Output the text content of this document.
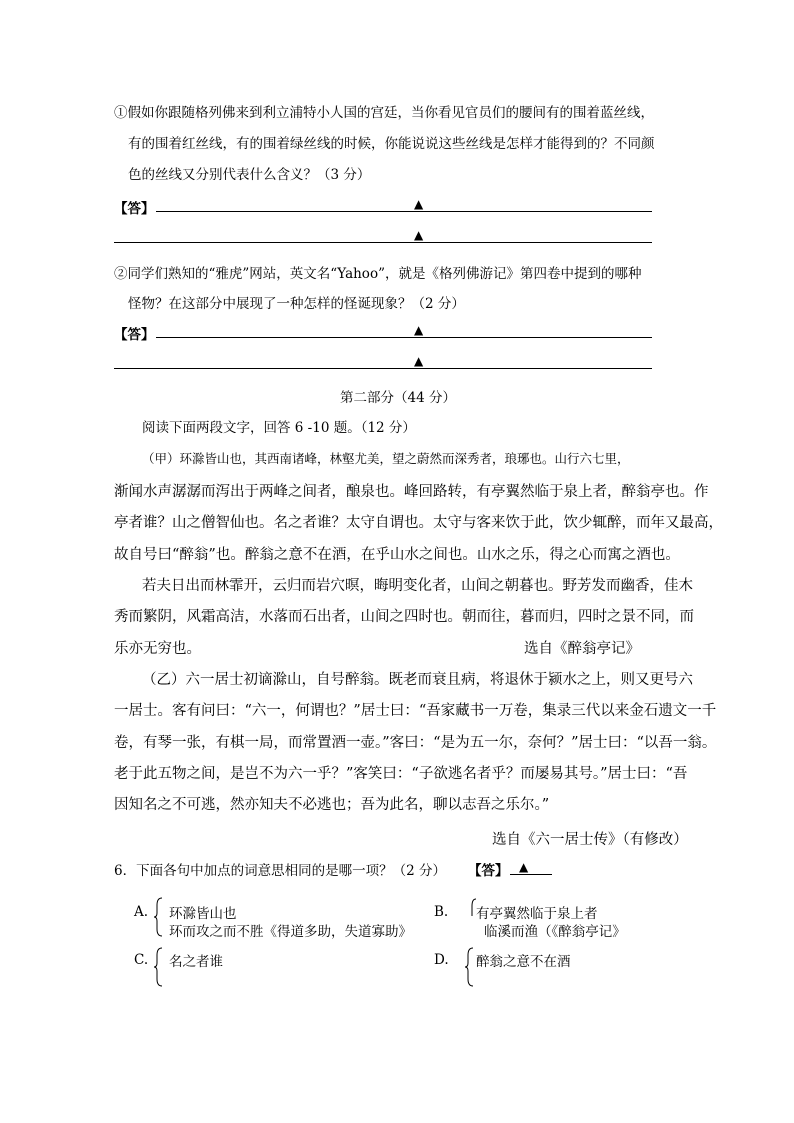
①假如你跟随格列佛来到利立浦特小人国的宫廷，当你看见官员们的腰间有的围着蓝丝线，
有的围着红丝线，有的围着绿丝线的时候，你能说说这些丝线是怎样才能得到的？不同颜
色的丝线又分别代表什么含义？（3 分）
【答】	▲
▲
②同学们熟知的“雅虎”网站，英文名“Yahoo”，就是《格列佛游记》第四卷中提到的哪种
怪物？在这部分中展现了一种怎样的怪诞现象？（2 分）
【答】	▲
▲
第二部分（44 分）
阅读下面两段文字，回答 6 -10 题。（12 分）
（甲）环滁皆山也，其西南诸峰，林壑尤美，望之蔚然而深秀者，琅琊也。山行六七里，
渐闻水声潺潺而泻出于两峰之间者，酿泉也。峰回路转，有亭翼然临于泉上者，醉翁亭也。作
亭者谁？山之僧智仙也。名之者谁？太守自谓也。太守与客来饮于此，饮少辄醉，而年又最高，
故自号曰“醉翁”也。醉翁之意不在酒，在乎山水之间也。山水之乐，得之心而寓之酒也。
若夫日出而林霏开，云归而岩穴暝，晦明变化者，山间之朝暮也。野芳发而幽香，佳木
秀而繁阴，风霜高洁，水落而石出者，山间之四时也。朝而往，暮而归，四时之景不同，而
乐亦无穷也。	选自《醉翁亭记》
（乙）六一居士初谪滁山，自号醉翁。既老而衰且病，将退休于颍水之上，则又更号六
一居士。客有问曰：“六一，何谓也？”居士曰：“吾家藏书一万卷，集录三代以来金石遗文一千
卷，有琴一张，有棋一局，而常置酒一壶。”客曰：“是为五一尔，奈何？”居士曰：“以吾一翁。
老于此五物之间，是岂不为六一乎？”客笑曰：“子欲逃名者乎？而屡易其号。”居士曰：“吾
因知名之不可逃，然亦知夫不必逃也；吾为此名，聊以志吾之乐尔。”
选自《六一居士传》（有修改）
6．下面各句中加点的词意思相同的是哪一项？（2 分） 【答】 ▲
A. 环滁皆山也
环而攻之而不胜《得道多助，失道寡助》
B. 有亭翼然临于泉上者
临溪而渔（《醉翁亭记》
C. 名之者谁	D. 醉翁之意不在酒
